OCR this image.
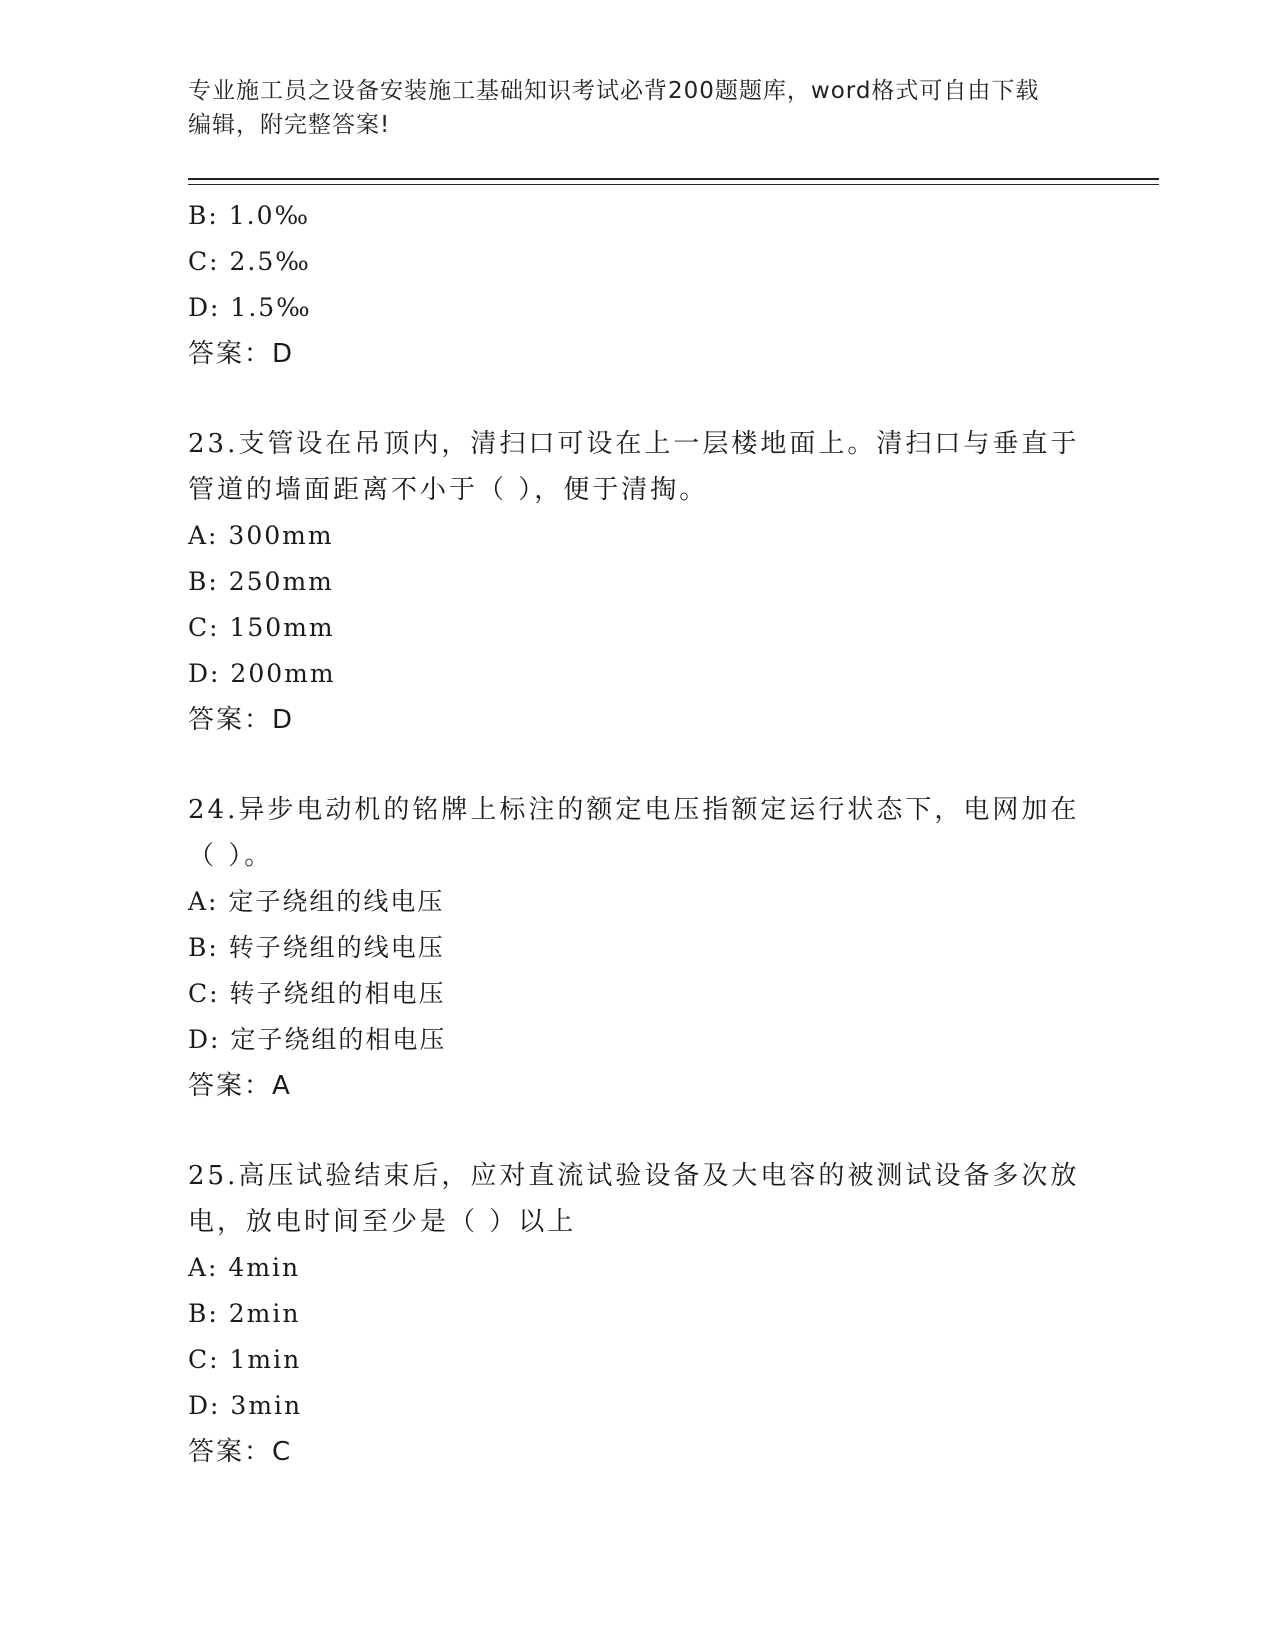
专业施工员之设备安装施工基础知识考试必背200题题库，word格式可自由下载
编辑，附完整答案!
B: 1.0‰
C: 2.5‰
D: 1.5‰
答案：D
23.支管设在吊顶内，清扫口可设在上一层楼地面上。清扫口与垂直于
管道的墙面距离不小于（ ），便于清掏。
A: 300mm
B: 250mm
C: 150mm
D: 200mm
答案：D
24.异步电动机的铭牌上标注的额定电压指额定运行状态下，电网加在
（ ）。
A: 定子绕组的线电压
B: 转子绕组的线电压
C: 转子绕组的相电压
D: 定子绕组的相电压
答案：A
25.高压试验结束后，应对直流试验设备及大电容的被测试设备多次放
电，放电时间至少是（ ）以上
A: 4min
B: 2min
C: 1min
D: 3min
答案：C
